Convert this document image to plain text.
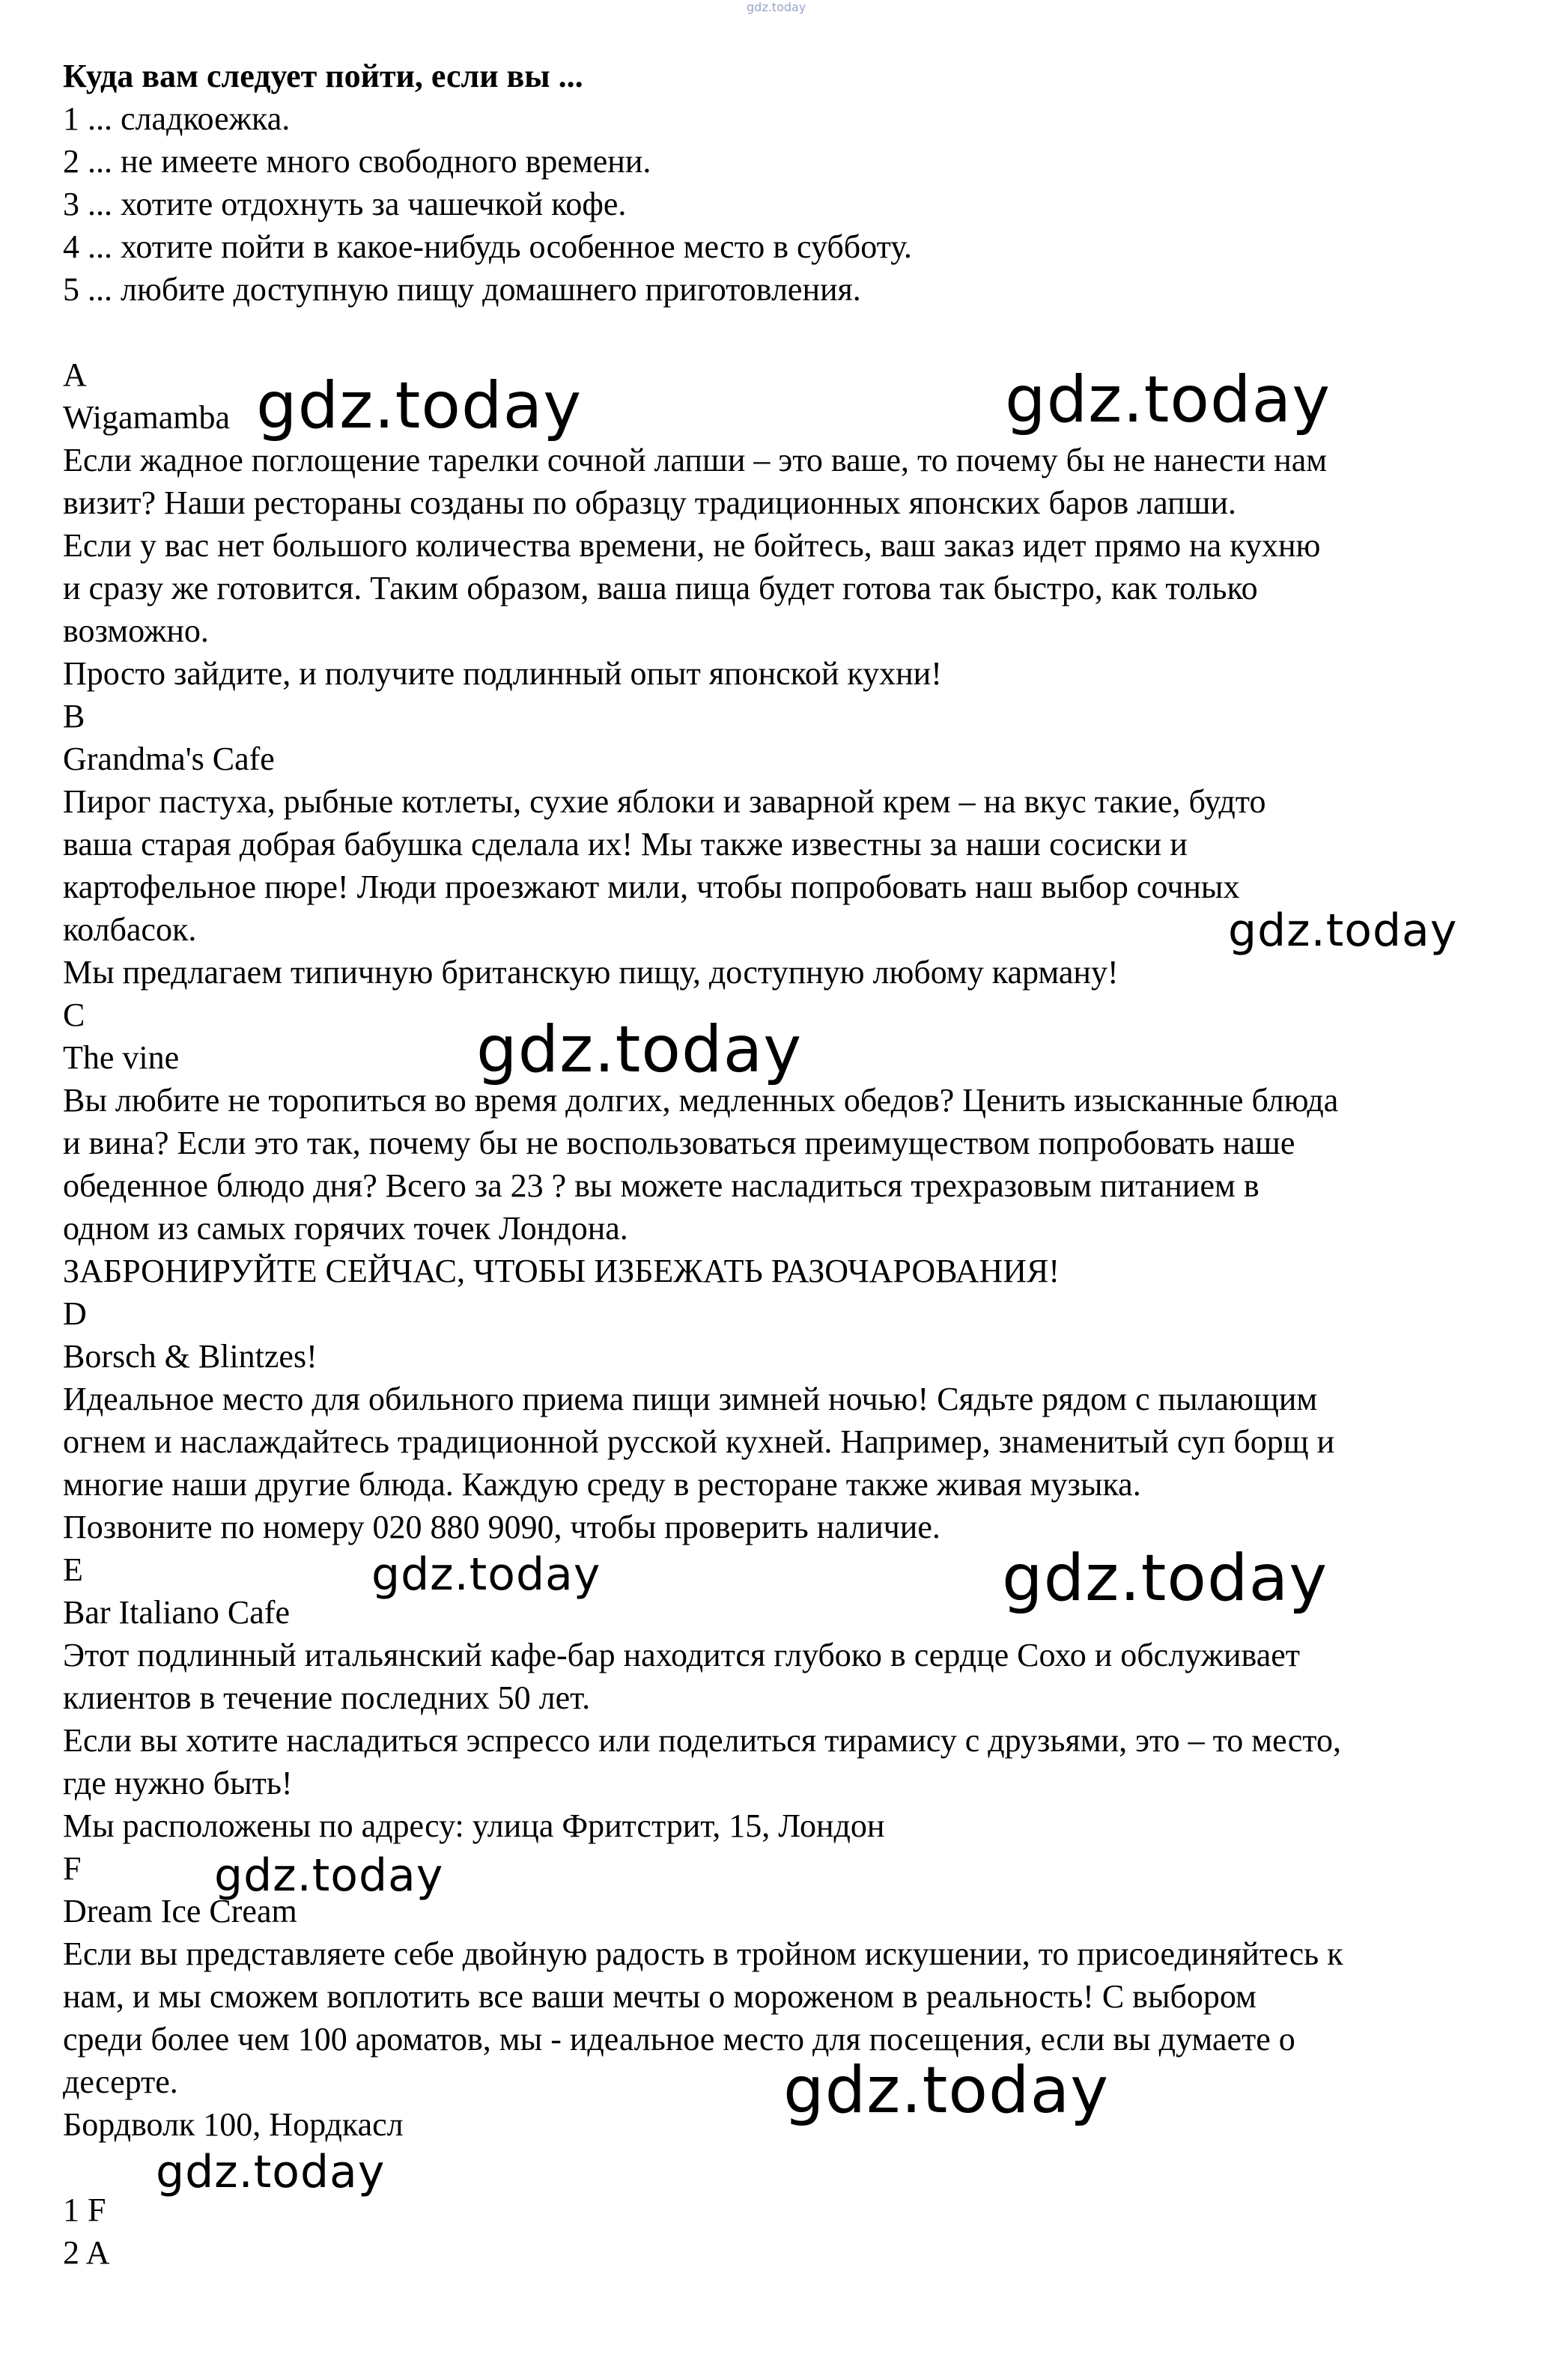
gdz.today
Куда вам следует пойти, если вы ...
1 ... сладкоежка.
2 ... не имеете много свободного времени.
3 ... хотите отдохнуть за чашечкой кофе.
4 ... хотите пойти в какое-нибудь особенное место в субботу.
5 ... любите доступную пищу домашнего приготовления.
A
Wigamamba
Если жадное поглощение тарелки сочной лапши – это ваше, то почему бы не нанести нам
визит? Наши рестораны созданы по образцу традиционных японских баров лапши.
Если у вас нет большого количества времени, не бойтесь, ваш заказ идет прямо на кухню
и сразу же готовится. Таким образом, ваша пища будет готова так быстро, как только
возможно.
Просто зайдите, и получите подлинный опыт японской кухни!
B
Grandma's Cafe
Пирог пастуха, рыбные котлеты, сухие яблоки и заварной крем – на вкус такие, будто
ваша старая добрая бабушка сделала их! Мы также известны за наши сосиски и
картофельное пюре! Люди проезжают мили, чтобы попробовать наш выбор сочных
колбасок.
Мы предлагаем типичную британскую пищу, доступную любому карману!
C
The vine
Вы любите не торопиться во время долгих, медленных обедов? Ценить изысканные блюда
и вина? Если это так, почему бы не воспользоваться преимуществом попробовать наше
обеденное блюдо дня? Всего за 23 ? вы можете насладиться трехразовым питанием в
одном из самых горячих точек Лондона.
ЗАБРОНИРУЙТЕ СЕЙЧАС, ЧТОБЫ ИЗБЕЖАТЬ РАЗОЧАРОВАНИЯ!
D
Borsch & Blintzes!
Идеальное место для обильного приема пищи зимней ночью! Сядьте рядом с пылающим
огнем и наслаждайтесь традиционной русской кухней. Например, знаменитый суп борщ и
многие наши другие блюда. Каждую среду в ресторане также живая музыка.
Позвоните по номеру 020 880 9090, чтобы проверить наличие.
E
Bar Italiano Cafe
Этот подлинный итальянский кафе-бар находится глубоко в сердце Сохо и обслуживает
клиентов в течение последних 50 лет.
Если вы хотите насладиться эспрессо или поделиться тирамису с друзьями, это – то место,
где нужно быть!
Мы расположены по адресу: улица Фритстрит, 15, Лондон
F
Dream Ice Cream
Если вы представляете себе двойную радость в тройном искушении, то присоединяйтесь к
нам, и мы сможем воплотить все ваши мечты о мороженом в реальность! С выбором
среди более чем 100 ароматов, мы - идеальное место для посещения, если вы думаете о
десерте.
Бордволк 100, Нордкасл
1 F
2 A
gdz.today	gdz.today
gdz.today
gdz.today
gdz.today	gdz.today
gdz.today
gdz.today
gdz.today
